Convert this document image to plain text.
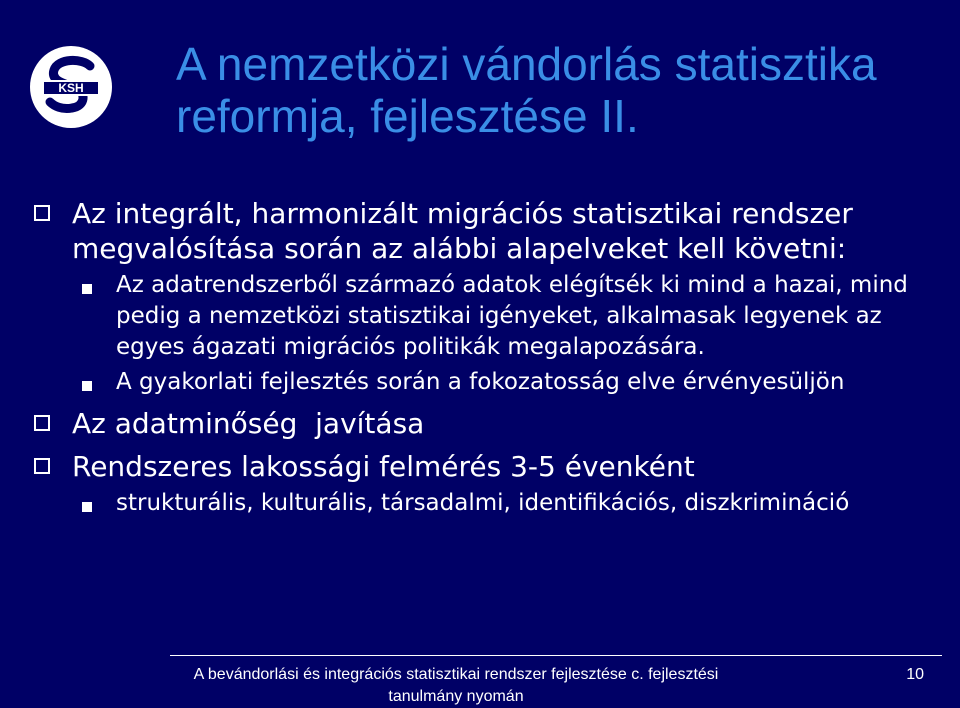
KSH A nemzetközi vándorlás statisztika
reformja, fejlesztése II.
Az integrált, harmonizált migrációs statisztikai rendszer megvalósítása során az alábbi alapelveket kell követni:
Az adatrendszerből származó adatok elégítsék ki mind a hazai, mind pedig a nemzetközi statisztikai igényeket, alkalmasak legyenek az egyes ágazati migrációs politikák megalapozására.
A gyakorlati fejlesztés során a fokozatosság elve érvényesüljön
Az adatminőség  javítása
Rendszeres lakossági felmérés 3-5 évenként
strukturális, kulturális, társadalmi, identifikációs, diszkrimináció
A bevándorlási és integrációs statisztikai rendszer fejlesztése c. fejlesztési tanulmány nyomán
10
